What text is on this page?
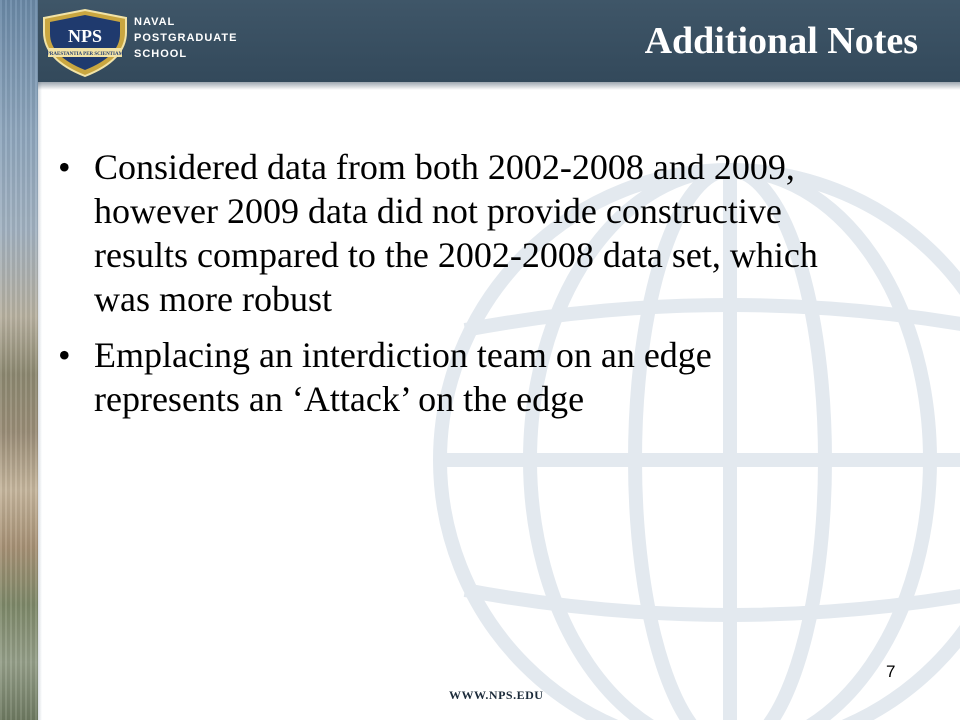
NPS
PRAESTANTIA PER SCIENTIAM
NAVAL
POSTGRADUATE
SCHOOL	Additional Notes
• Considered data from both 2002-2008 and 2009, however 2009 data did not provide constructive results compared to the 2002-2008 data set, which was more robust
• Emplacing an interdiction team on an edge represents an ‘Attack’ on the edge
7
WWW.NPS.EDU
